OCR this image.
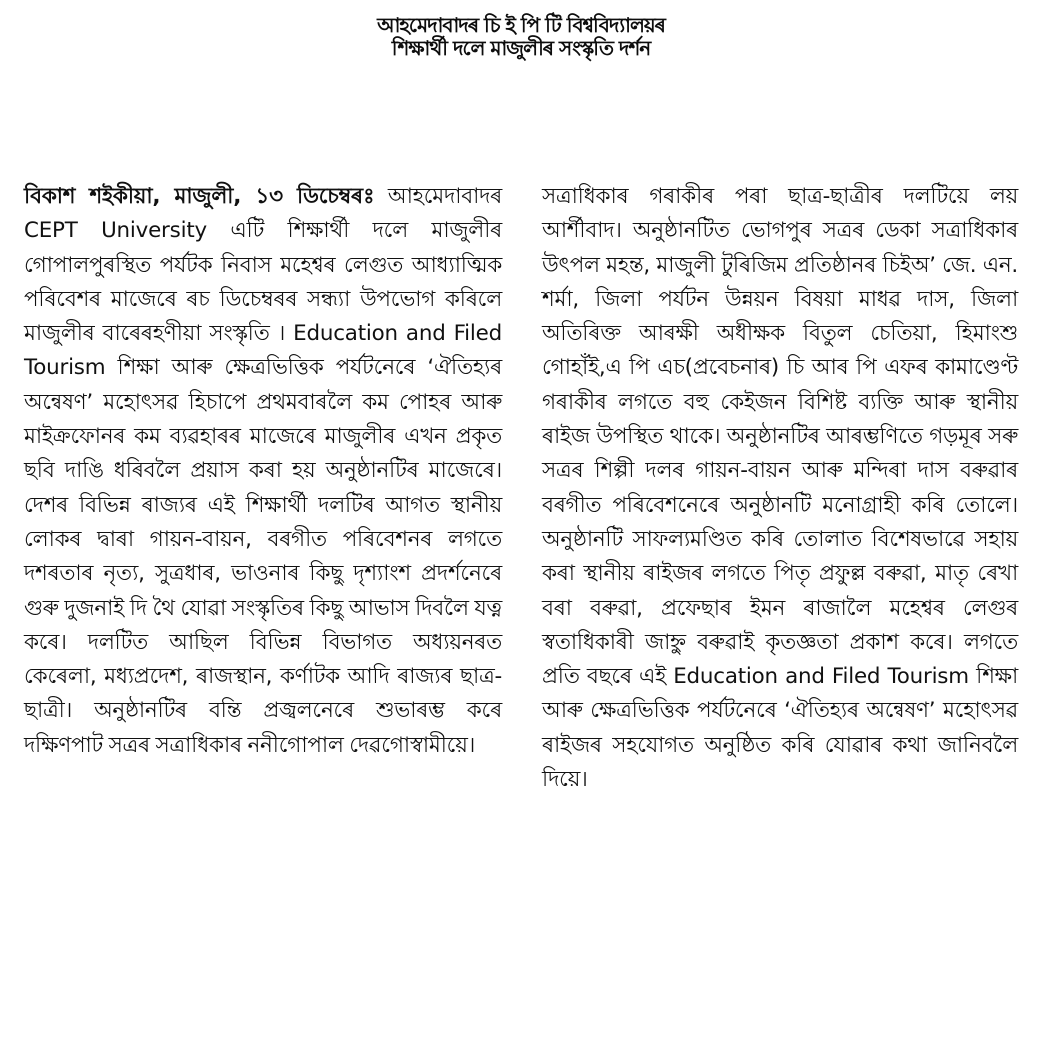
আহমেদাবাদৰ চি ই পি টি বিশ্ববিদ্যালয়ৰ
শিক্ষাৰ্থী দলে মাজুলীৰ সংস্কৃতি দৰ্শন
বিকাশ শইকীয়া, মাজুলী, ১৩ ডিচেম্বৰঃ আহমেদাবাদৰ CEPT University এটি শিক্ষাৰ্থী দলে মাজুলীৰ গোপালপুৰস্থিত পৰ্যটক নিবাস মহেশ্বৰ লেগুত আধ্যাত্মিক পৰিবেশৰ মাজেৰে ৰচ ডিচেম্বৰৰ সন্ধ্যা উপভোগ কৰিলে মাজুলীৰ বাৰেৰহণীয়া সংস্কৃতি । Education and Filed Tourism শিক্ষা আৰু ক্ষেত্ৰভিত্তিক পৰ্যটনেৰে ‘ঐতিহ্যৰ অন্বেষণ’ মহোৎসৱ হিচাপে প্ৰথমবাৰলৈ কম পোহৰ আৰু মাইক্ৰফোনৰ কম ব্যৱহাৰৰ মাজেৰে মাজুলীৰ এখন প্ৰকৃত ছবি দাঙি ধৰিবলৈ প্ৰয়াস কৰা হয় অনুষ্ঠানটিৰ মাজেৰে। দেশৰ বিভিন্ন ৰাজ্যৰ এই শিক্ষাৰ্থী দলটিৰ আগত স্থানীয় লোকৰ দ্বাৰা গায়ন-বায়ন, বৰগীত পৰিবেশনৰ লগতে দশৰতাৰ নৃত্য, সুত্ৰধাৰ, ভাওনাৰ কিছু দৃশ্যাংশ প্ৰদৰ্শনেৰে গুৰু দুজনাই দি থৈ যোৱা সংস্কৃতিৰ কিছু আভাস দিবলৈ যত্ন কৰে। দলটিত আছিল বিভিন্ন বিভাগত অধ্যয়নৰত কেৰেলা, মধ্যপ্ৰদেশ, ৰাজস্থান, কৰ্ণাটক আদি ৰাজ্যৰ ছাত্ৰ-ছাত্ৰী। অনুষ্ঠানটিৰ বন্তি প্ৰজ্বলনেৰে শুভাৰম্ভ কৰে দক্ষিণপাট সত্ৰৰ সত্ৰাধিকাৰ ননীগোপাল দেৱগোস্বামীয়ে।
সত্ৰাধিকাৰ গৰাকীৰ পৰা ছাত্ৰ-ছাত্ৰীৰ দলটিয়ে লয় আৰ্শীবাদ। অনুষ্ঠানটিত ভোগপুৰ সত্ৰৰ ডেকা সত্ৰাধিকাৰ উৎপল মহন্ত, মাজুলী টুৰিজিম প্ৰতিষ্ঠানৰ চিইঅ’ জে. এন. শৰ্মা, জিলা পৰ্যটন উন্নয়ন বিষয়া মাধৱ দাস, জিলা অতিৰিক্ত আৰক্ষী অধীক্ষক বিতুল চেতিয়া, হিমাংশু গোহাঁই,এ পি এচ(প্ৰবেচনাৰ) চি আৰ পি এফৰ কামাণ্ডেণ্ট গৰাকীৰ লগতে বহু কেইজন বিশিষ্ট ব্যক্তি আৰু স্থানীয় ৰাইজ উপস্থিত থাকে। অনুষ্ঠানটিৰ আৰম্ভণিতে গড়মূৰ সৰু সত্ৰৰ শিল্পী দলৰ গায়ন-বায়ন আৰু মন্দিৰা দাস বৰুৱাৰ বৰগীত পৰিবেশনেৰে অনুষ্ঠানটি মনোগ্ৰাহী কৰি তোলে। অনুষ্ঠানটি সাফল্যমণ্ডিত কৰি তোলাত বিশেষভাৱে সহায় কৰা স্থানীয় ৰাইজৰ লগতে পিতৃ প্ৰফুল্ল বৰুৱা, মাতৃ ৰেখা বৰা বৰুৱা, প্ৰফেছাৰ ইমন ৰাজালৈ মহেশ্বৰ লেগুৰ স্বতাধিকাৰী জাহ্নু বৰুৱাই কৃতজ্ঞতা প্ৰকাশ কৰে। লগতে প্ৰতি বছৰে এই Education and Filed Tourism শিক্ষা আৰু ক্ষেত্ৰভিত্তিক পৰ্যটনেৰে ‘ঐতিহ্যৰ অন্বেষণ’ মহোৎসৱ ৰাইজৰ সহযোগত অনুষ্ঠিত কৰি যোৱাৰ কথা জানিবলৈ দিয়ে।
